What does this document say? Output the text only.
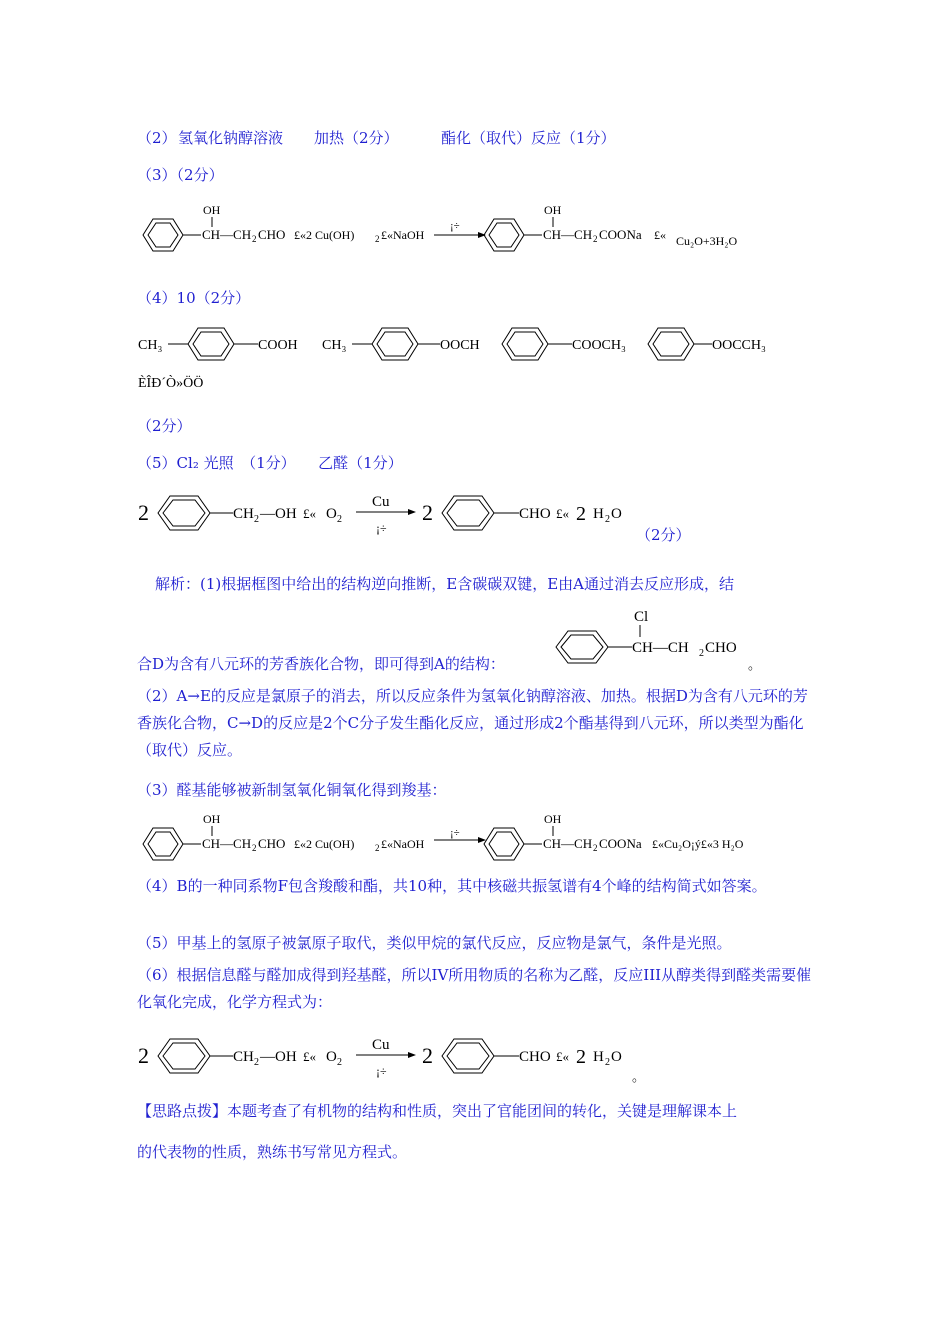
（2） 氢氧化钠醇溶液 加热（2分）	酯化（取代）反应（1分）
（3）（2分）
OH
CH—CH 2 CHO £«2 Cu(OH) 2 £«NaOH
¡÷
OH
CH—CH 2 COONa £« Cu₂O+3H₂O
（4）10（2分）
CH₃	COOH CH₃	OOCH	COOCH₃	OOCCH₃
ÈÎÐ´Ò»ÖÖ
（2分）
（5）Cl₂ 光照　（1分）　　乙醛（1分）
2	CH 2 —OH £« O 2
Cu
¡÷
2	CHO £« 2 H 2 O
（2分）
解析：(1)根据框图中给出的结构逆向推断，E含碳碳双键，E由A通过消去反应形成，结
合D为含有八元环的芳香族化合物，即可得到A的结构：
Cl
CH—CH 2 CHO
。
（2）A→E的反应是氯原子的消去，所以反应条件为氢氧化钠醇溶液、加热。根据D为含有八元环的芳香族化合物，C→D的反应是2个C分子发生酯化反应，通过形成2个酯基得到八元环，所以类型为酯化（取代）反应。
（3）醛基能够被新制氢氧化铜氧化得到羧基：
OH
CH—CH 2 CHO £«2 Cu(OH) 2 £«NaOH
¡÷
OH
CH—CH 2 COONa £«Cu₂O¡ý£«3 H₂O
（4）B的一种同系物F包含羧酸和酯，共10种，其中核磁共振氢谱有4个峰的结构简式如答案。
（5）甲基上的氢原子被氯原子取代，类似甲烷的氯代反应，反应物是氯气，条件是光照。
（6）根据信息醛与醛加成得到羟基醛，所以IV所用物质的名称为乙醛，反应III从醇类得到醛类需要催化氧化完成，化学方程式为：
2	CH 2 —OH £« O 2
Cu
¡÷
2	CHO £« 2 H 2 O
。
【思路点拨】本题考查了有机物的结构和性质，突出了官能团间的转化，关键是理解课本上
的代表物的性质，熟练书写常见方程式。
